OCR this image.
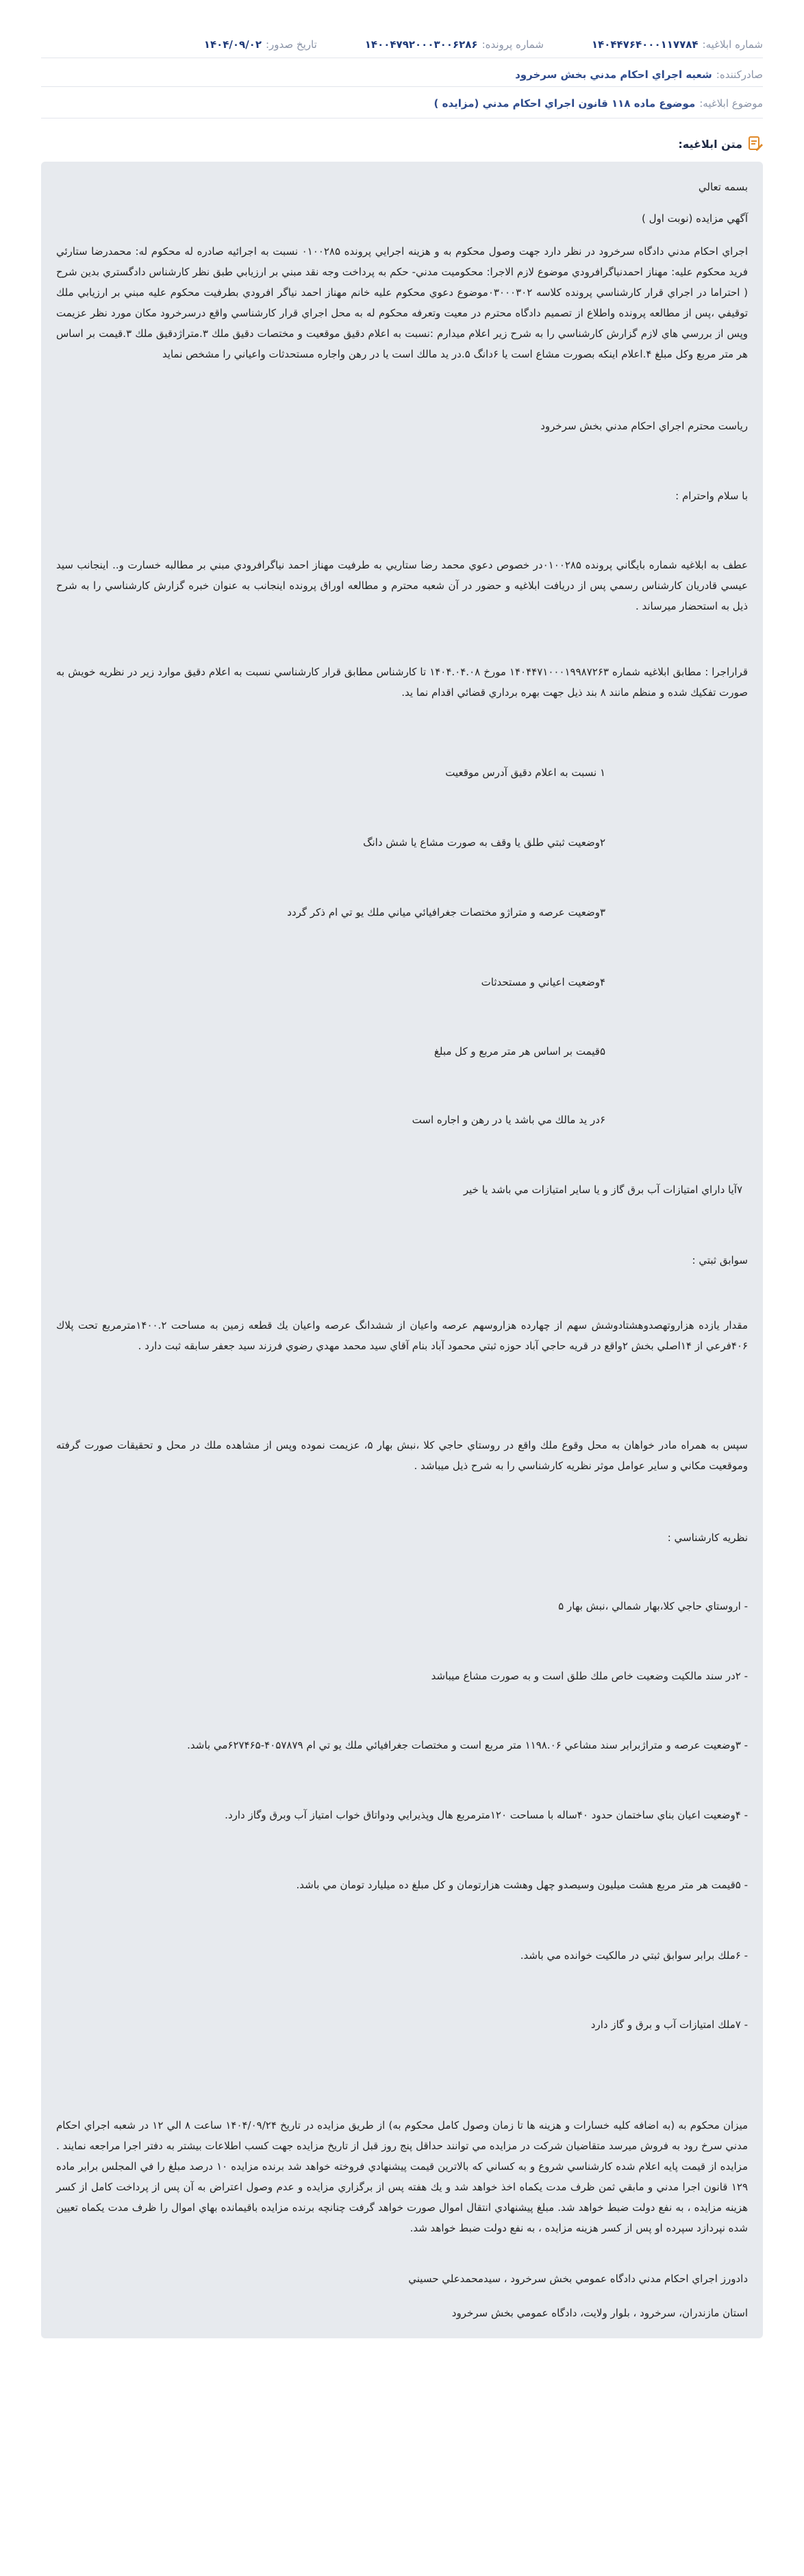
شماره ابلاغیه:
۱۴۰۴۴۷۶۴۰۰۰۱۱۷۷۸۴
شماره پرونده:
۱۴۰۰۴۷۹۲۰۰۰۳۰۰۶۲۸۶
تاریخ صدور:
۱۴۰۴/۰۹/۰۲
صادرکننده:
شعبه اجراي احكام مدني بخش سرخرود
موضوع ابلاغیه:
موضوع ماده ۱۱۸ قانون اجراي احكام مدني (مزايده )
متن ابلاغیه:
بسمه تعالي
آگهي مزايده (نوبت اول )
اجراي احكام مدني دادگاه سرخرود در نظر دارد جهت وصول محكوم به و هزينه اجرايي پرونده ۰۱۰۰۲۸۵ نسبت به اجرائيه صادره له محكوم له: محمدرضا ستارئي فريد محكوم عليه: مهناز احمدنياگرافرودي موضوع لازم الاجرا: محكوميت مدني- حكم به پرداخت وجه نقد مبني بر ارزيابي طبق نظر كارشناس دادگستري بدين شرح ( احتراما در اجراي قرار كارشناسي پرونده كلاسه ۰۳۰۰۰۳۰۲موضوع دعوي محكوم عليه خانم مهناز احمد نياگر افرودي بطرفيت محكوم عليه مبني بر ارزيابي ملك توقيفي ،پس از مطالعه پرونده واطلاع از تصميم دادگاه محترم در معيت وتعرفه محكوم له به محل اجراي قرار كارشناسي واقع درسرخرود مكان مورد نظر عزيمت وپس از بررسي هاي لازم گزارش كارشناسي را به شرح زير اعلام ميدارم :نسبت به اعلام دقيق موقعيت و مختصات دقيق ملك ۳.متراژدقيق ملك ۳.قيمت بر اساس هر متر مربع وكل مبلغ ۴.اعلام اينكه بصورت مشاع است يا ۶دانگ ۵.در يد مالك است يا در رهن واجاره مستحدثات واعياني را مشخص نمايد
رياست محترم اجراي احكام مدني بخش سرخرود
با سلام واحترام :
عطف به ابلاغيه شماره بايگاني پرونده ۰۱۰۰۲۸۵در خصوص دعوي محمد رضا ستاريي به طرفيت مهناز احمد نياگرافرودي مبني بر مطالبه خسارت و.. اينجانب سيد عيسي قادريان كارشناس رسمي پس از دريافت ابلاغيه و حضور در آن شعبه محترم و مطالعه اوراق پرونده اينجانب به عنوان خبره گزارش كارشناسي را به شرح ذيل به استحضار ميرساند .
قراراجرا : مطابق ابلاغيه شماره ۱۴۰۴۴۷۱۰۰۰۱۹۹۸۷۲۶۳ مورخ ۱۴۰۴.۰۴.۰۸ تا كارشناس مطابق قرار كارشناسي نسبت به اعلام دقيق موارد زير در نظريه خويش به صورت تفكيك شده و منظم مانند ۸ بند ذيل جهت بهره برداري قضائي اقدام نما يد.
۱ نسبت به اعلام دقيق آدرس موقعيت
۲وضعيت ثبتي طلق يا وقف به صورت مشاع يا شش دانگ
۳وضعيت عرصه و متراژو مختصات جغرافيائي مياني ملك يو تي ام ذكر گردد
۴وضعيت اعياني و مستحدثات
۵قيمت بر اساس هر متر مربع و كل مبلغ
۶در يد مالك مي باشد يا در رهن و اجاره است
۷آيا داراي امتيازات آب برق گاز و يا ساير امتيازات مي باشد يا خير
سوابق ثبتي :
مقدار يازده هزاروتهصدوهشتادوشش سهم از چهارده هزاروسهم عرصه واعيان از ششدانگ عرصه واعيان يك قطعه زمين به مساحت ۱۴۰۰.۲مترمربع تحت پلاك ۴۰۶فرعي از ۱۴اصلي بخش ۲واقع در قريه حاجي آباد حوزه ثبتي محمود آباد بنام آقاي سيد محمد مهدي رضوي فرزند سيد جعفر سابقه ثبت دارد .
سپس به همراه مادر خواهان به محل وقوع ملك واقع در روستاي حاجي كلا ،نبش بهار ۵، عزيمت نموده وپس از مشاهده ملك در محل و تحقيقات صورت گرفته وموقعيت مكاني و ساير عوامل موثر نظريه كارشناسي را به شرح ذيل ميباشد .
نظريه كارشناسي :
- اروستاي حاجي كلا،بهار شمالي ،نبش بهار ۵
- ۲در سند مالكيت وضعيت خاص ملك طلق است و به صورت مشاع ميباشد
- ۳وضعيت عرصه و متراژبرابر سند مشاعي ۱۱۹۸.۰۶ متر مربع است و مختصات جغرافيائي ملك يو تي ام ۴۰۵۷۸۷۹-۶۲۷۴۶۵مي باشد.
- ۴وضعيت اعيان بناي ساختمان حدود ۴۰ساله با مساحت ۱۲۰مترمربع هال وپذيرايي ودواتاق خواب امتياز آب وبرق وگاز دارد.
- ۵قيمت هر متر مربع هشت ميليون وسيصدو چهل وهشت هزارتومان و كل مبلغ ده ميليارد تومان مي باشد.
- ۶ملك برابر سوابق ثبتي در مالكيت خوانده مي باشد.
- ۷ملك امتيازات آب و برق و گاز دارد
ميزان محكوم به (به اضافه كليه خسارات و هزينه ها تا زمان وصول كامل محكوم به) از طريق مزايده در تاريخ ۱۴۰۴/۰۹/۲۴ ساعت ۸ الي ۱۲ در شعبه اجراي احكام مدني سرخ رود به فروش ميرسد متقاضيان شركت در مزايده مي توانند حداقل پنج روز قبل از تاريخ مزايده جهت كسب اطلاعات بيشتر به دفتر اجرا مراجعه نمايند . مزايده از قيمت پايه اعلام شده كارشناسي شروع و به كساني كه بالاترين قيمت پيشنهادي فروخته خواهد شد برنده مزايده ۱۰ درصد مبلغ را في المجلس برابر ماده ۱۲۹ قانون اجرا مدني و مابقي ثمن ظرف مدت يكماه اخذ خواهد شد و يك هفته پس از برگزاري مزايده و عدم وصول اعتراض به آن پس از پرداخت كامل از كسر هزينه مزايده ، به نفع دولت ضبط خواهد شد. مبلغ پيشنهادي انتقال اموال صورت خواهد گرفت چنانچه برنده مزايده باقيمانده بهاي اموال را ظرف مدت يكماه تعيين شده نپردازد سپرده او پس از كسر هزينه مزايده ، به نفع دولت ضبط خواهد شد.
دادورز اجراي احكام مدني دادگاه عمومي بخش سرخرود ، سيدمحمدعلي حسيني
استان مازندران، سرخرود ، بلوار ولايت، دادگاه عمومي بخش سرخرود
